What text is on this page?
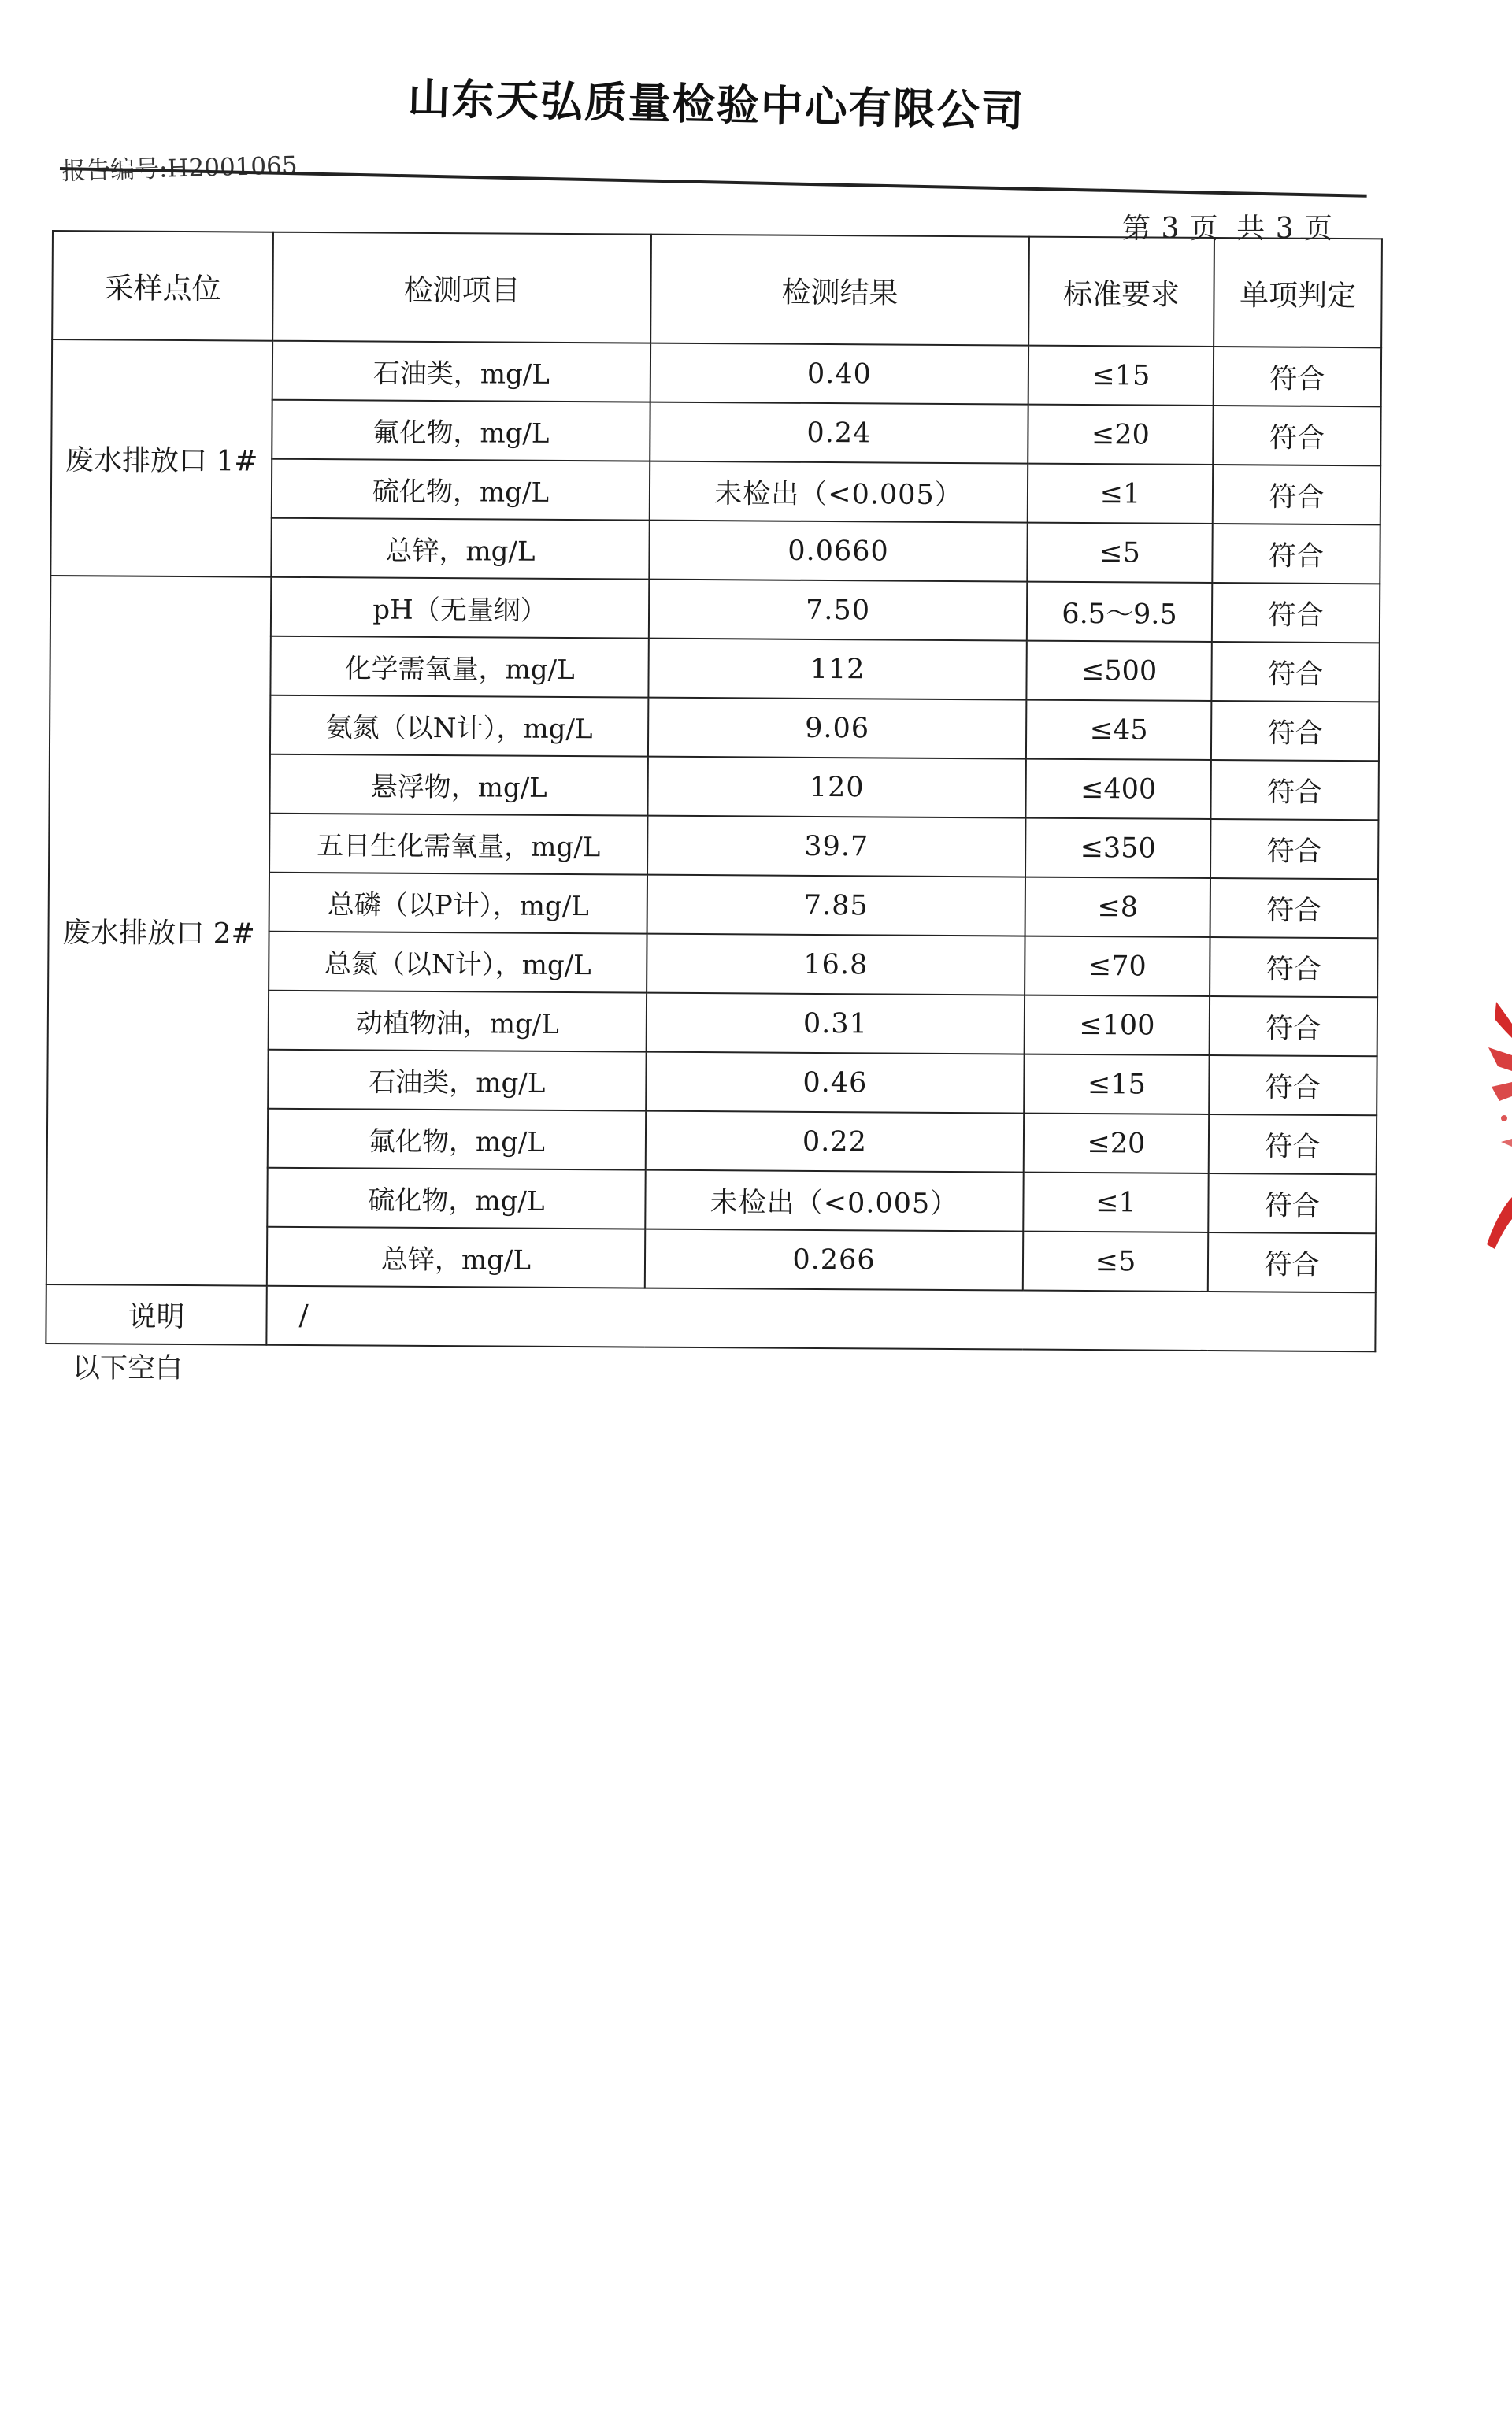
山东天弘质量检验中心有限公司
报告编号:H2001065
第 3 页 共 3 页
采样点位	检测项目	检测结果	标准要求	单项判定
废水排放口 1#	石油类，mg/L	0.40	≤15	符合
	氟化物，mg/L	0.24	≤20	符合
	硫化物，mg/L	未检出（<0.005）	≤1	符合
	总锌，mg/L	0.0660	≤5	符合
废水排放口 2#	pH（无量纲）	7.50	6.5～9.5	符合
	化学需氧量，mg/L	112	≤500	符合
	氨氮（以N计），mg/L	9.06	≤45	符合
	悬浮物，mg/L	120	≤400	符合
	五日生化需氧量，mg/L	39.7	≤350	符合
	总磷（以P计），mg/L	7.85	≤8	符合
	总氮（以N计），mg/L	16.8	≤70	符合
	动植物油，mg/L	0.31	≤100	符合
	石油类，mg/L	0.46	≤15	符合
	氟化物，mg/L	0.22	≤20	符合
	硫化物，mg/L	未检出（<0.005）	≤1	符合
	总锌，mg/L	0.266	≤5	符合
说明	/			
以下空白
